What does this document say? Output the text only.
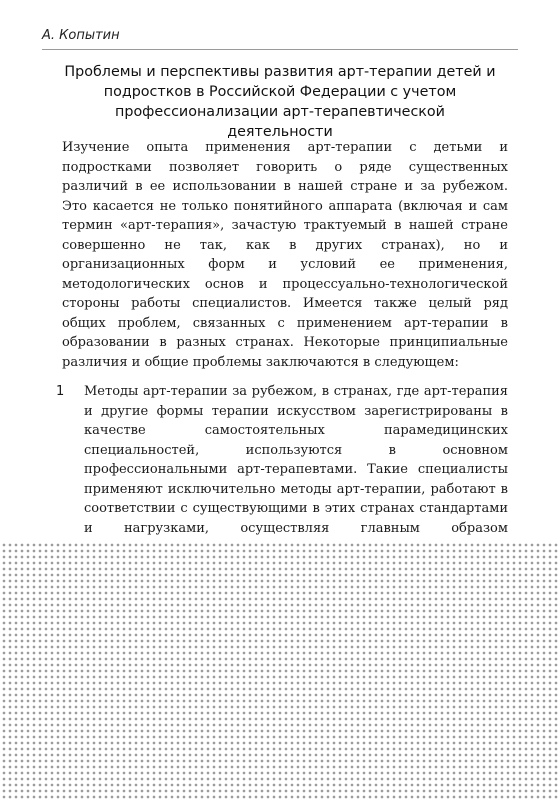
А. Копытин
Проблемы и перспективы развития арт-терапии детей и подростков в Российской Федерации с учетом профессионализации арт-терапевтической деятельности

Изучение опыта применения арт-терапии с детьми и подростками позволяет говорить о ряде существенных различий в ее использовании в нашей стране и за рубежом. Это касается не только понятийного аппарата (включая и сам термин «арт-терапия», зачастую трактуемый в нашей стране совершенно не так, как в других странах), но и организационных форм и условий ее применения, методологических основ и процессуально-технологической стороны работы специалистов. Имеется также целый ряд общих проблем, связанных с применением арт-терапии в образовании в разных странах. Некоторые принципиальные различия и общие проблемы заключаются в следующем:

1 Методы арт-терапии за рубежом, в странах, где арт-терапия и другие формы терапии искусством зарегистрированы в качестве самостоятельных парамедицинских специальностей, используются в основном профессиональными арт-терапевтами. Такие специалисты применяют исключительно методы арт-терапии, работают в соответствии с существующими в этих странах стандартами и нагрузками, осуществляя главным образом
